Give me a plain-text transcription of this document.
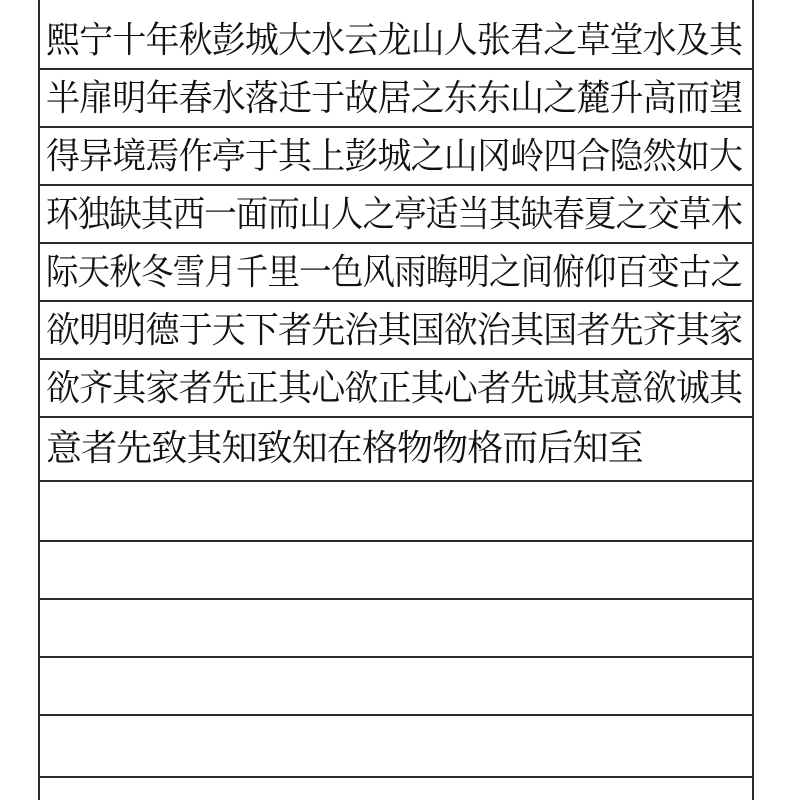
熙宁十年秋彭城大水云龙山人张君之草堂水及其
半扉明年春水落迁于故居之东东山之麓升高而望
得异境焉作亭于其上彭城之山冈岭四合隐然如大
环独缺其西一面而山人之亭适当其缺春夏之交草木
际天秋冬雪月千里一色风雨晦明之间俯仰百变古之
欲明明德于天下者先治其国欲治其国者先齐其家
欲齐其家者先正其心欲正其心者先诚其意欲诚其
意者先致其知致知在格物物格而后知至
